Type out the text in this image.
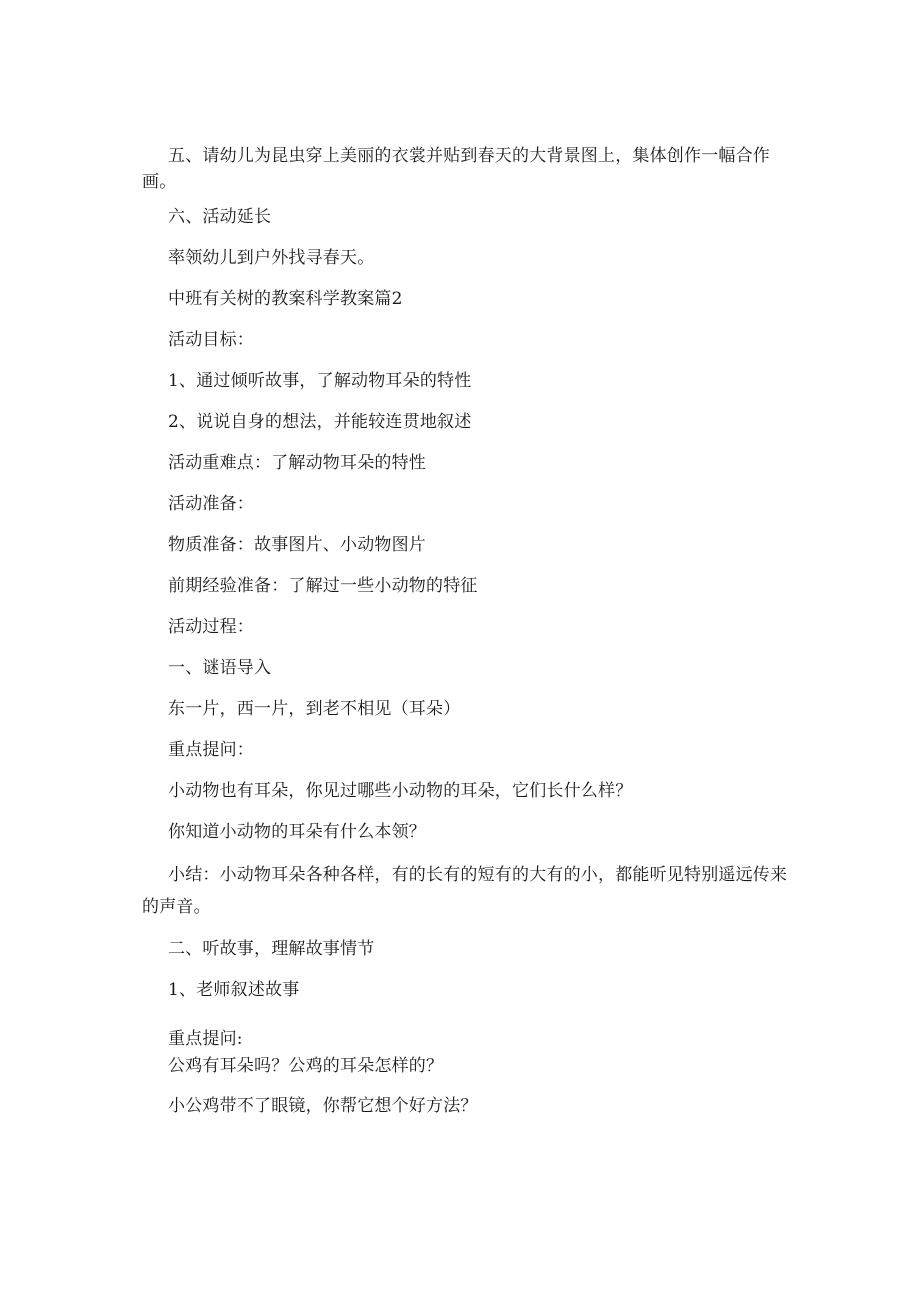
五、请幼儿为昆虫穿上美丽的衣裳并贴到春天的大背景图上，集体创作一幅合作
画。
六、活动延长
率领幼儿到户外找寻春天。
中班有关树的教案科学教案篇2
活动目标：
1、通过倾听故事，了解动物耳朵的特性
2、说说自身的想法，并能较连贯地叙述
活动重难点：了解动物耳朵的特性
活动准备：
物质准备：故事图片、小动物图片
前期经验准备：了解过一些小动物的特征
活动过程：
一、谜语导入
东一片，西一片，到老不相见（耳朵）
重点提问：
小动物也有耳朵，你见过哪些小动物的耳朵，它们长什么样？
你知道小动物的耳朵有什么本领？
小结：小动物耳朵各种各样，有的长有的短有的大有的小，都能听见特别遥远传来
的声音。
二、听故事，理解故事情节
1、老师叙述故事
重点提问:
公鸡有耳朵吗？公鸡的耳朵怎样的？
小公鸡带不了眼镜，你帮它想个好方法？
